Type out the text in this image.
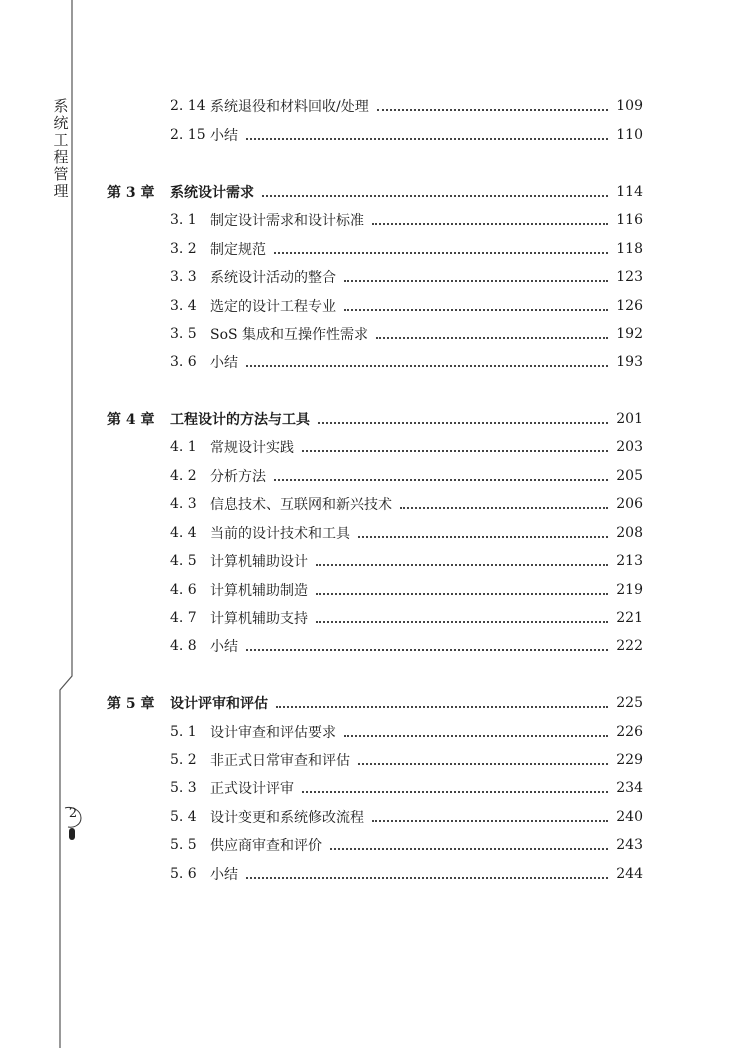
系
统
工
程
管
理
2
2. 14 系统退役和材料回收/处理	109
2. 15 小结	110
第 3 章	系统设计需求	114
3. 1 制定设计需求和设计标准	116
3. 2 制定规范	118
3. 3 系统设计活动的整合	123
3. 4 选定的设计工程专业	126
3. 5 SoS 集成和互操作性需求	192
3. 6 小结	193
第 4 章	工程设计的方法与工具	201
4. 1 常规设计实践	203
4. 2 分析方法	205
4. 3 信息技术、互联网和新兴技术	206
4. 4 当前的设计技术和工具	208
4. 5 计算机辅助设计	213
4. 6 计算机辅助制造	219
4. 7 计算机辅助支持	221
4. 8 小结	222
第 5 章	设计评审和评估	225
5. 1 设计审查和评估要求	226
5. 2 非正式日常审查和评估	229
5. 3 正式设计评审	234
5. 4 设计变更和系统修改流程	240
5. 5 供应商审查和评价	243
5. 6 小结	244
